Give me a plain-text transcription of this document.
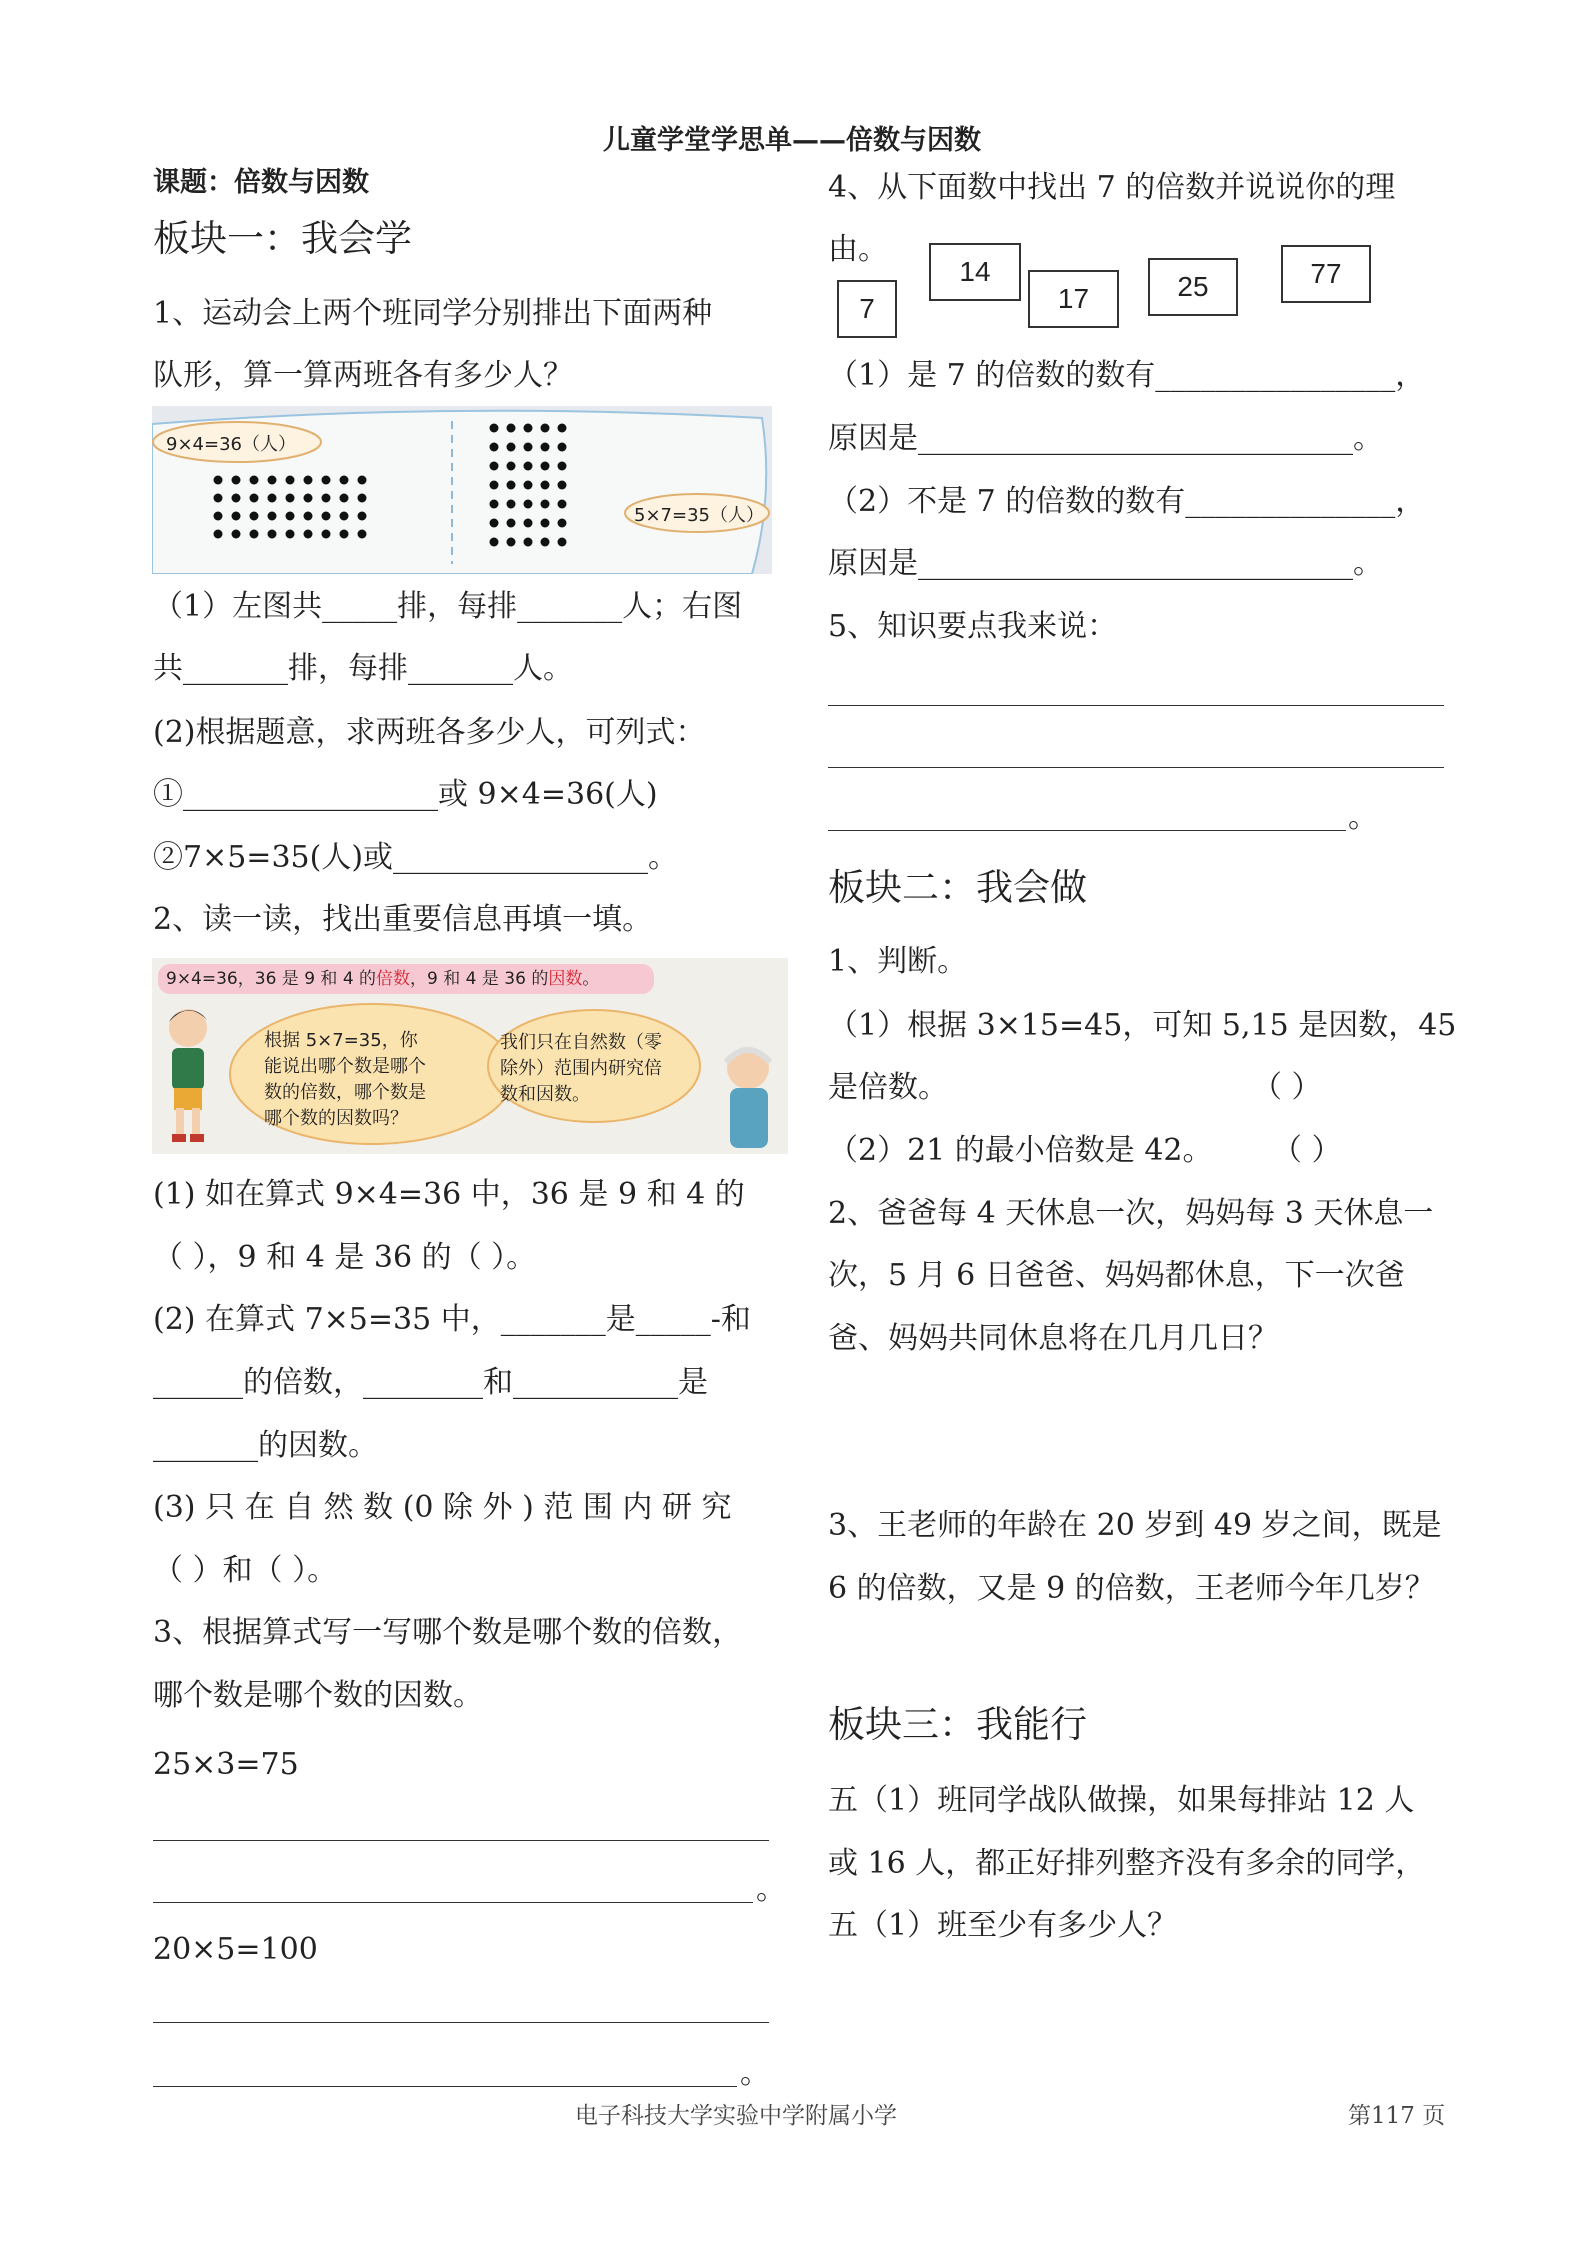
儿童学堂学思单——倍数与因数
课题：倍数与因数
板块一：我会学
1、运动会上两个班同学分别排出下面两种
队形，算一算两班各有多少人？
9×4=36（人）
5×7=35（人）
（1）左图共_____排，每排_______人；右图
共_______排，每排_______人。
(2)根据题意，求两班各多少人，可列式：
①_________________或 9×4=36(人)
②7×5=35(人)或_________________。
2、读一读，找出重要信息再填一填。
9×4=36，36 是 9 和 4 的倍数，9 和 4 是 36 的因数。
根据 5×7=35，你
能说出哪个数是哪个
数的倍数，哪个数是
哪个数的因数吗？
我们只在自然数（零
除外）范围内研究倍
数和因数。
(1) 如在算式 9×4=36 中，36 是 9 和 4 的
（ ），9 和 4 是 36 的（ ）。
(2) 在算式 7×5=35 中，_______是_____-和
______的倍数，________和___________是
_______的因数。
(3) 只 在 自 然 数 (0 除 外 ) 范 围 内 研 究
（ ）和（ ）。
3、根据算式写一写哪个数是哪个数的倍数，
哪个数是哪个数的因数。
25×3=75
。
20×5=100
。
4、从下面数中找出 7 的倍数并说说你的理
由。
7
14
17	25	77
（1）是 7 的倍数的数有________________，
原因是_____________________________。
（2）不是 7 的倍数的数有______________，
原因是_____________________________。
5、知识要点我来说：
。
板块二：我会做
1、判断。
（1）根据 3×15=45，可知 5,15 是因数，45
是倍数。	（ ）
（2）21 的最小倍数是 42。 （ ）
2、爸爸每 4 天休息一次，妈妈每 3 天休息一
次，5 月 6 日爸爸、妈妈都休息，下一次爸
爸、妈妈共同休息将在几月几日？
3、王老师的年龄在 20 岁到 49 岁之间，既是
6 的倍数，又是 9 的倍数，王老师今年几岁？
板块三：我能行
五（1）班同学战队做操，如果每排站 12 人
或 16 人，都正好排列整齐没有多余的同学，
五（1）班至少有多少人？
电子科技大学实验中学附属小学	第117 页
